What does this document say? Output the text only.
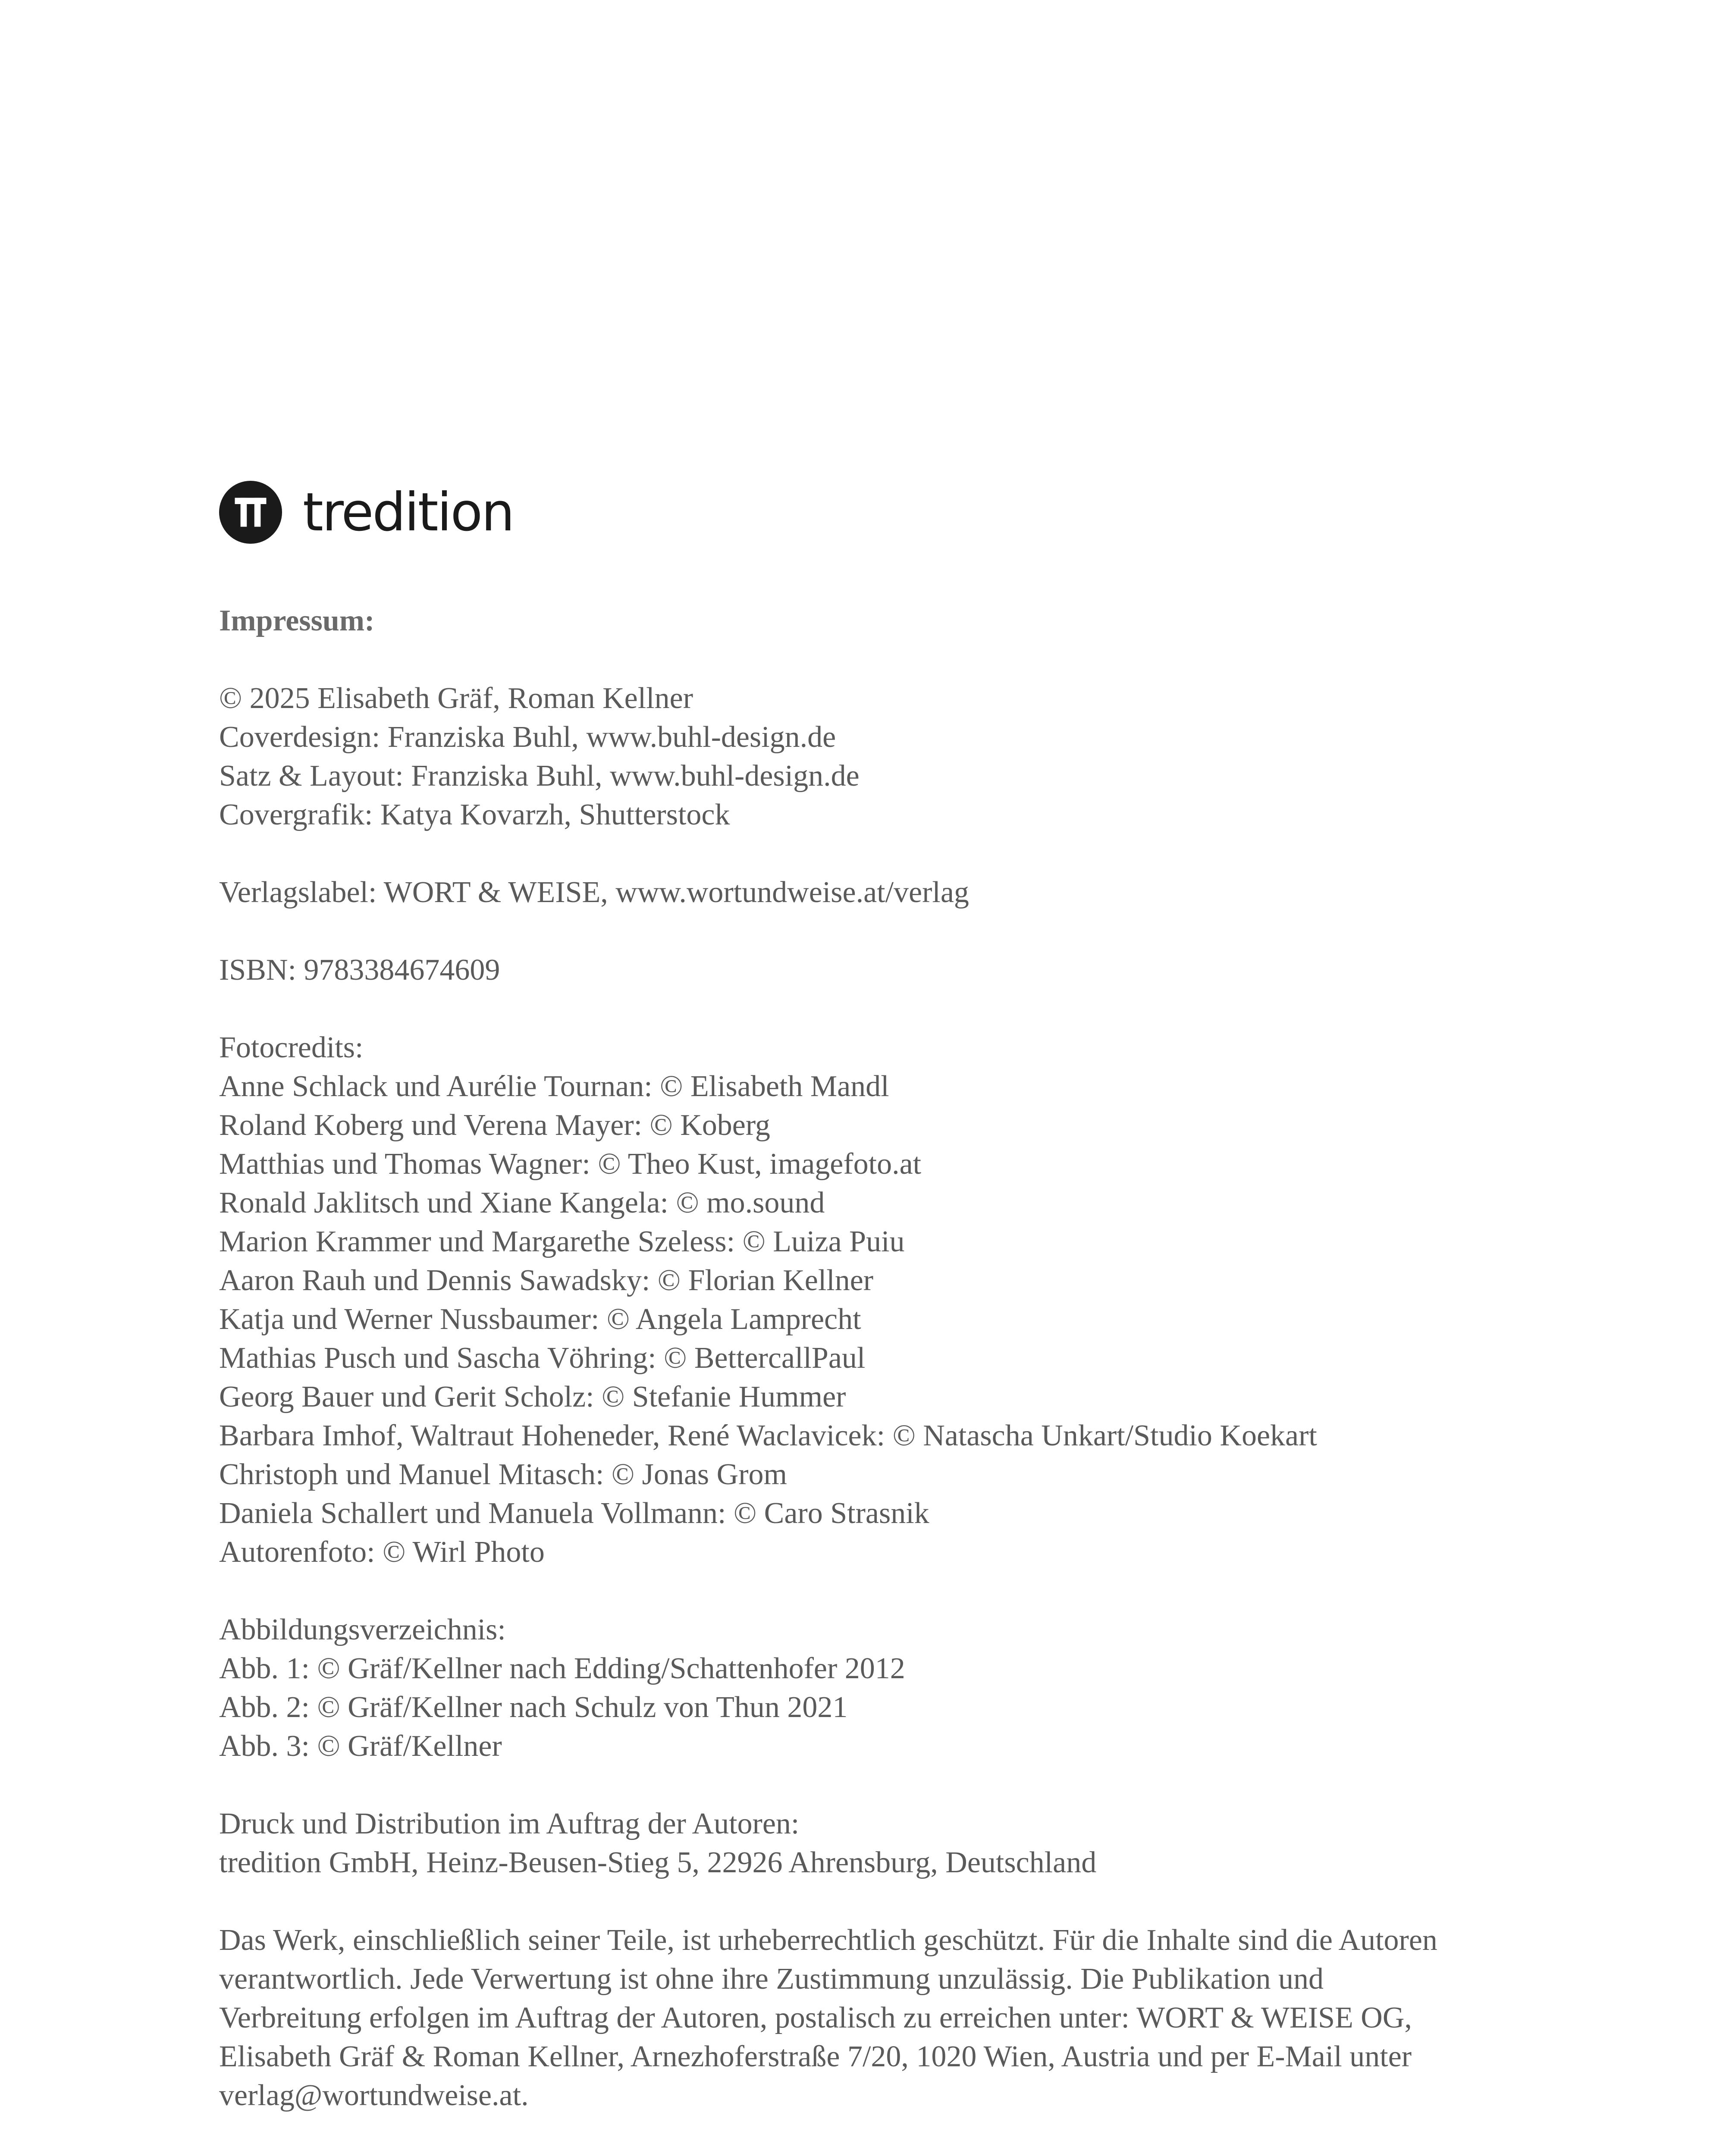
tredition
Impressum:
© 2025 Elisabeth Gräf, Roman Kellner
Coverdesign: Franziska Buhl, www.buhl-design.de
Satz & Layout: Franziska Buhl, www.buhl-design.de
Covergrafik: Katya Kovarzh, Shutterstock
Verlagslabel: WORT & WEISE, www.wortundweise.at/verlag
ISBN: 9783384674609
Fotocredits:
Anne Schlack und Aurélie Tournan: © Elisabeth Mandl
Roland Koberg und Verena Mayer: © Koberg
Matthias und Thomas Wagner: © Theo Kust, imagefoto.at
Ronald Jaklitsch und Xiane Kangela: © mo.sound
Marion Krammer und Margarethe Szeless: © Luiza Puiu
Aaron Rauh und Dennis Sawadsky: © Florian Kellner
Katja und Werner Nussbaumer: © Angela Lamprecht
Mathias Pusch und Sascha Vöhring: © BettercallPaul
Georg Bauer und Gerit Scholz: © Stefanie Hummer
Barbara Imhof, Waltraut Hoheneder, René Waclavicek: © Natascha Unkart/Studio Koekart
Christoph und Manuel Mitasch: © Jonas Grom
Daniela Schallert und Manuela Vollmann: © Caro Strasnik
Autorenfoto: © Wirl Photo
Abbildungsverzeichnis:
Abb. 1: © Gräf/Kellner nach Edding/Schattenhofer 2012
Abb. 2: © Gräf/Kellner nach Schulz von Thun 2021
Abb. 3: © Gräf/Kellner
Druck und Distribution im Auftrag der Autoren:
tredition GmbH, Heinz-Beusen-Stieg 5, 22926 Ahrensburg, Deutschland
Das Werk, einschließlich seiner Teile, ist urheberrechtlich geschützt. Für die Inhalte sind die Autoren
verantwortlich. Jede Verwertung ist ohne ihre Zustimmung unzulässig. Die Publikation und
Verbreitung erfolgen im Auftrag der Autoren, postalisch zu erreichen unter: WORT & WEISE OG,
Elisabeth Gräf & Roman Kellner, Arnezhoferstraße 7/20, 1020 Wien, Austria und per E-Mail unter
verlag@wortundweise.at.
